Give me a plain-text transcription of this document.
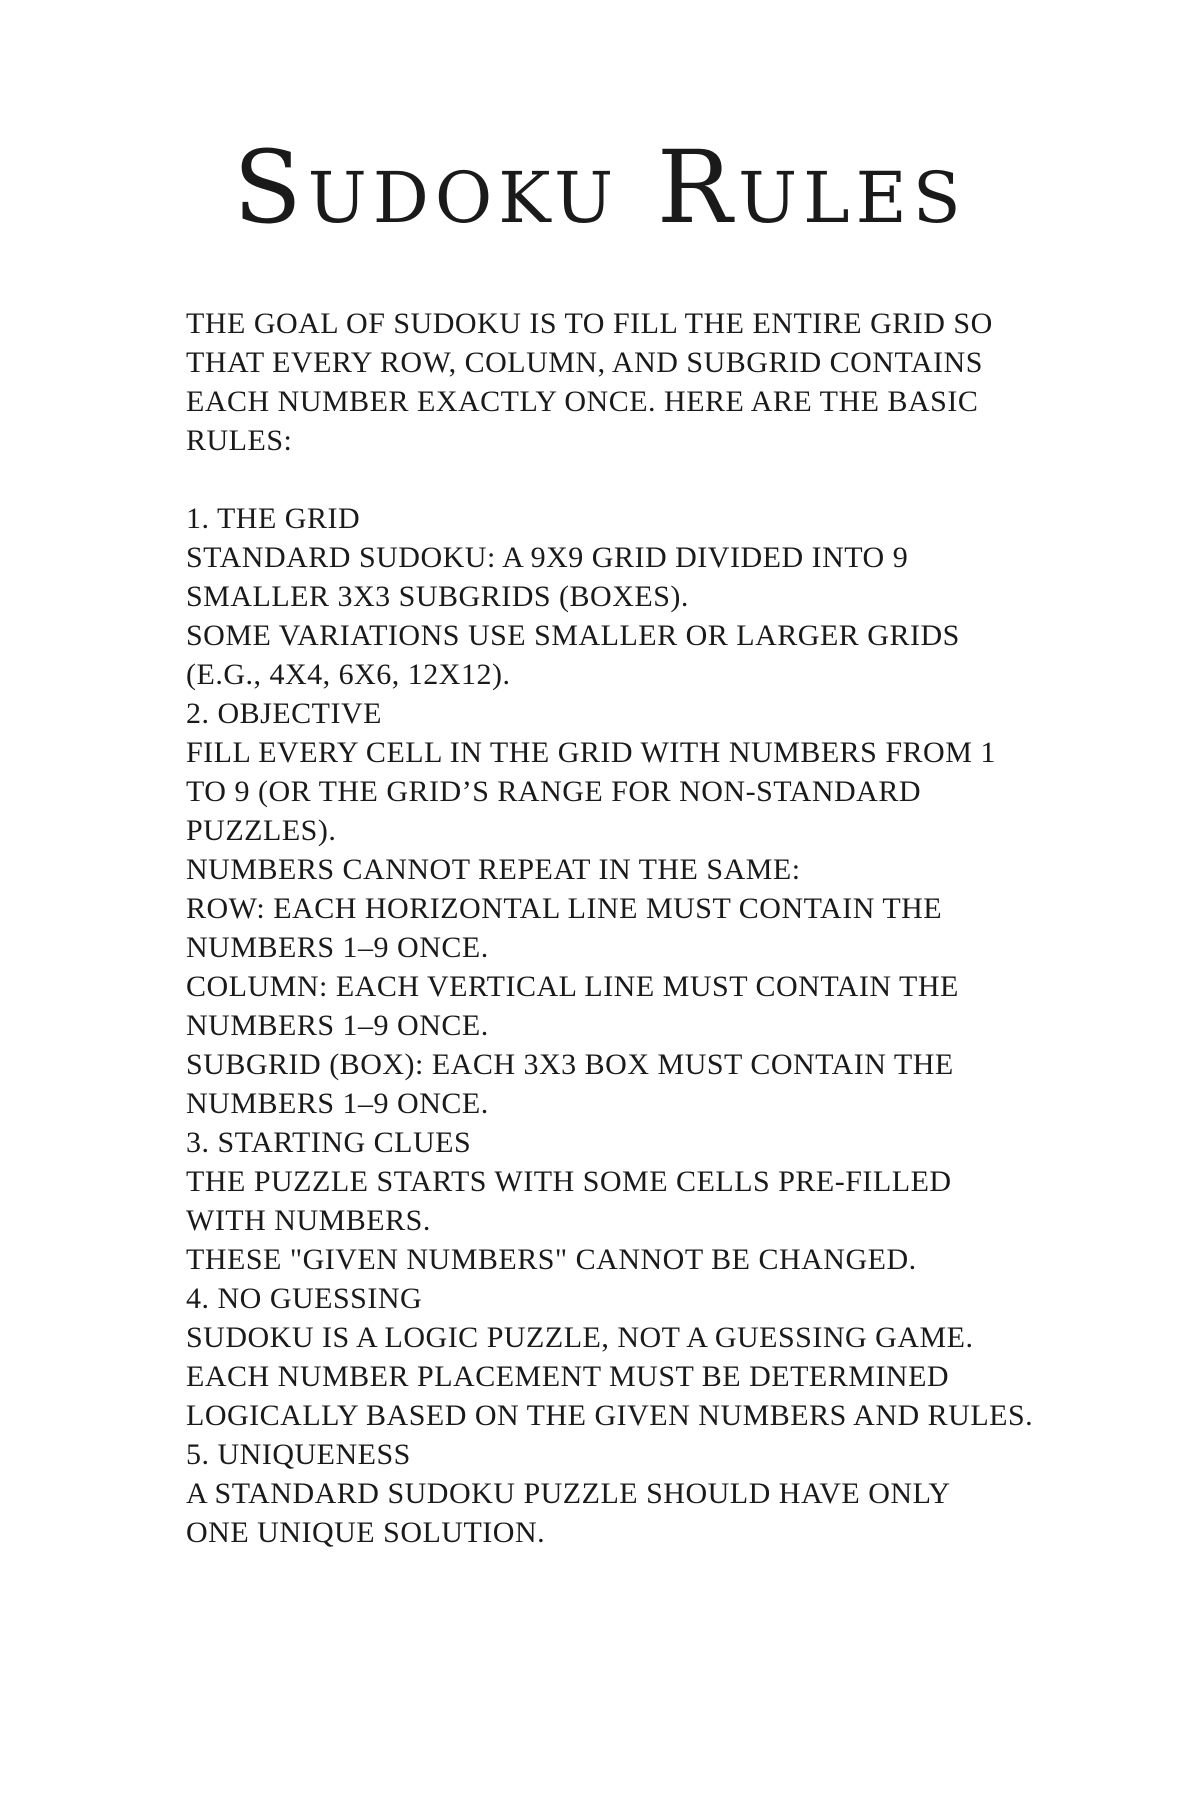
Sudoku Rules
THE GOAL OF SUDOKU IS TO FILL THE ENTIRE GRID SO
THAT EVERY ROW, COLUMN, AND SUBGRID CONTAINS
EACH NUMBER EXACTLY ONCE. HERE ARE THE BASIC
RULES:
1. THE GRID
STANDARD SUDOKU: A 9X9 GRID DIVIDED INTO 9
SMALLER 3X3 SUBGRIDS (BOXES).
SOME VARIATIONS USE SMALLER OR LARGER GRIDS
(E.G., 4X4, 6X6, 12X12).
2. OBJECTIVE
FILL EVERY CELL IN THE GRID WITH NUMBERS FROM 1
TO 9 (OR THE GRID’S RANGE FOR NON-STANDARD
PUZZLES).
NUMBERS CANNOT REPEAT IN THE SAME:
ROW: EACH HORIZONTAL LINE MUST CONTAIN THE
NUMBERS 1–9 ONCE.
COLUMN: EACH VERTICAL LINE MUST CONTAIN THE
NUMBERS 1–9 ONCE.
SUBGRID (BOX): EACH 3X3 BOX MUST CONTAIN THE
NUMBERS 1–9 ONCE.
3. STARTING CLUES
THE PUZZLE STARTS WITH SOME CELLS PRE-FILLED
WITH NUMBERS.
THESE "GIVEN NUMBERS" CANNOT BE CHANGED.
4. NO GUESSING
SUDOKU IS A LOGIC PUZZLE, NOT A GUESSING GAME.
EACH NUMBER PLACEMENT MUST BE DETERMINED
LOGICALLY BASED ON THE GIVEN NUMBERS AND RULES.
5. UNIQUENESS
A STANDARD SUDOKU PUZZLE SHOULD HAVE ONLY
ONE UNIQUE SOLUTION.
